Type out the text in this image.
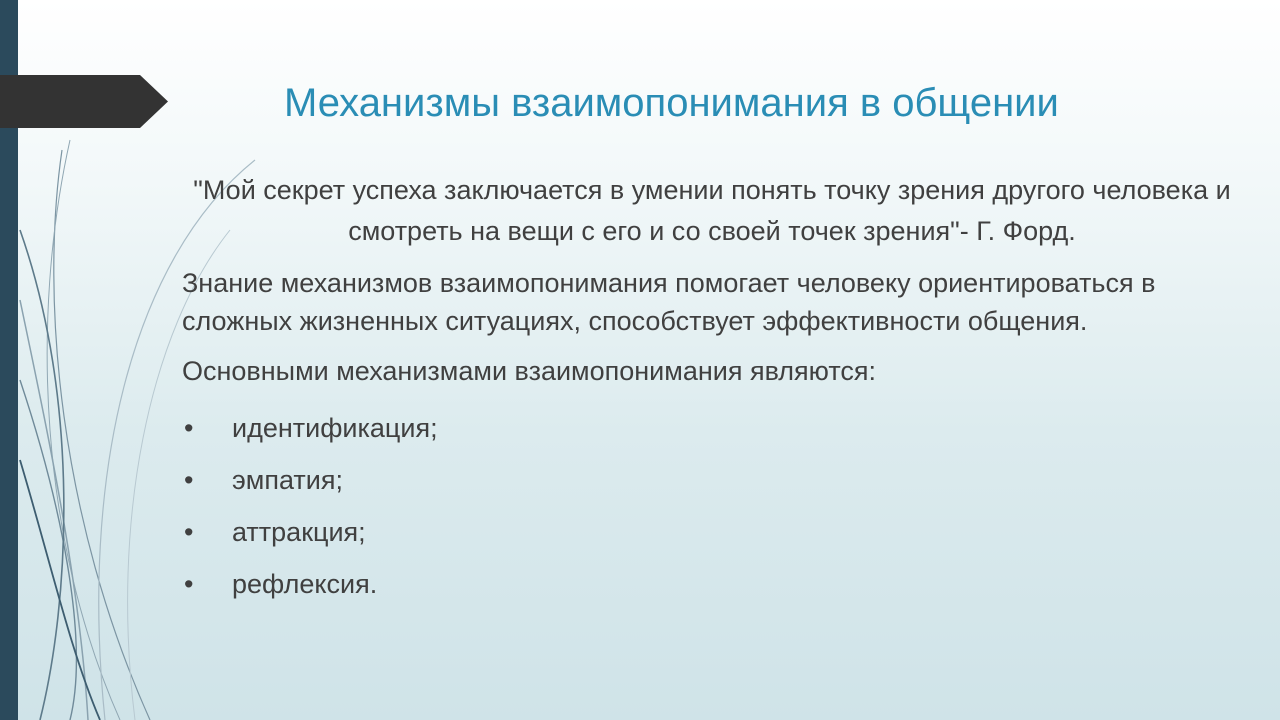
Механизмы взаимопонимания в общении

"Мой секрет успеха заключается в умении понять точку зрения другого человека и смотреть на вещи с его и со своей точек зрения"- Г. Форд.

Знание механизмов взаимопонимания помогает человеку ориентироваться в сложных жизненных ситуациях, способствует эффективности общения.

Основными механизмами взаимопонимания являются:

•	идентификация;
•	эмпатия;
•	аттракция;
•	рефлексия.
